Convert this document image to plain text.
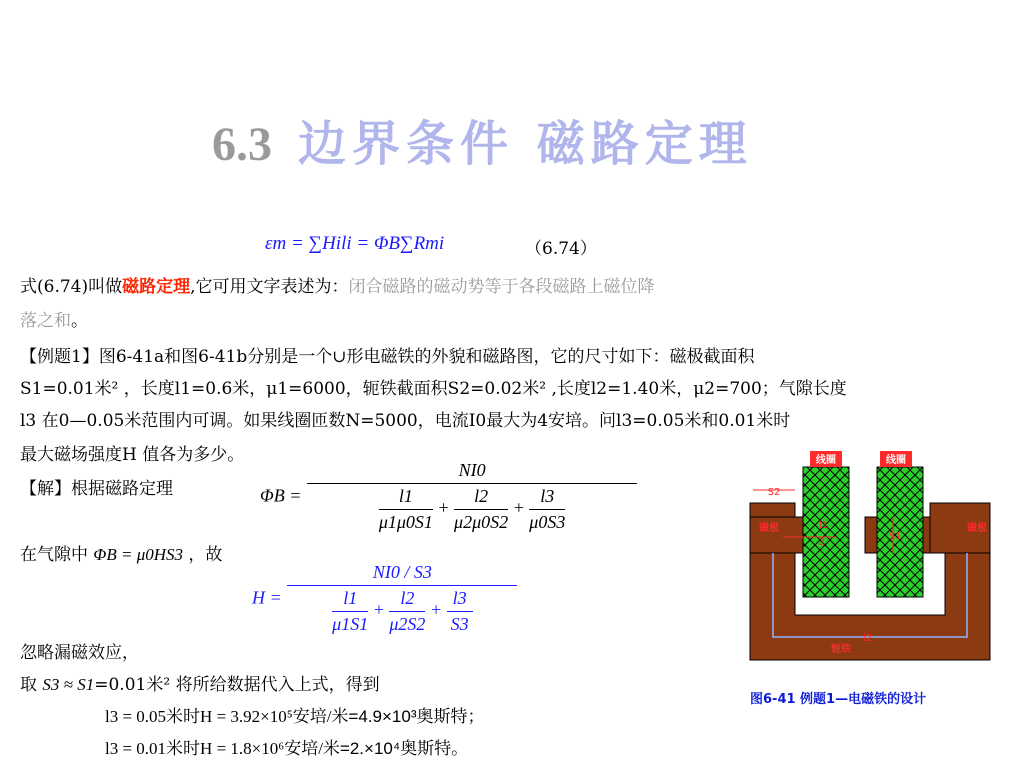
6.3 边界条件 磁路定理
εm = ∑Hili = ΦB∑Rmi	（6.74）
式(6.74)叫做磁路定理,它可用文字表述为：闭合磁路的磁动势等于各段磁路上磁位降
落之和。
【例题1】图6-41a和图6-41b分别是一个∪形电磁铁的外貌和磁路图，它的尺寸如下：磁极截面积
S1=0.01米² ，长度l1=0.6米，μ1=6000，轭铁截面积S2=0.02米² ,长度l2=1.40米，μ2=700；气隙长度
l3 在0—0.05米范围内可调。如果线圈匝数N=5000，电流I0最大为4安培。问l3=0.05米和0.01米时
最大磁场强度H 值各为多少。
【解】根据磁路定理	$\Phi B = \frac{NI0}{\frac{l1}{\mu 1\mu 0S1} + \frac{l2}{\mu 2\mu 0S2} + \frac{l3}{\mu 0S3}}$
在气隙中 ΦB = μ0HS3 ，故
$H = \frac{NI0 / S3}{\frac{l1}{\mu 1S1} + \frac{l2}{\mu 2S2} + \frac{l3}{S3}}$
忽略漏磁效应，
取 S3 ≈ S1=0.01米² 将所给数据代入上式，得到
l3 = 0.05米时H = 3.92×10⁵安培/米=4.9×10³奥斯特；
l3 = 0.01米时H = 1.8×10⁶安培/米=2.×10⁴奥斯特。
线圈	线圈
S2
磁极	磁极
l1
2
S1
l2
轭铁
图6-41 例题1—电磁铁的设计
